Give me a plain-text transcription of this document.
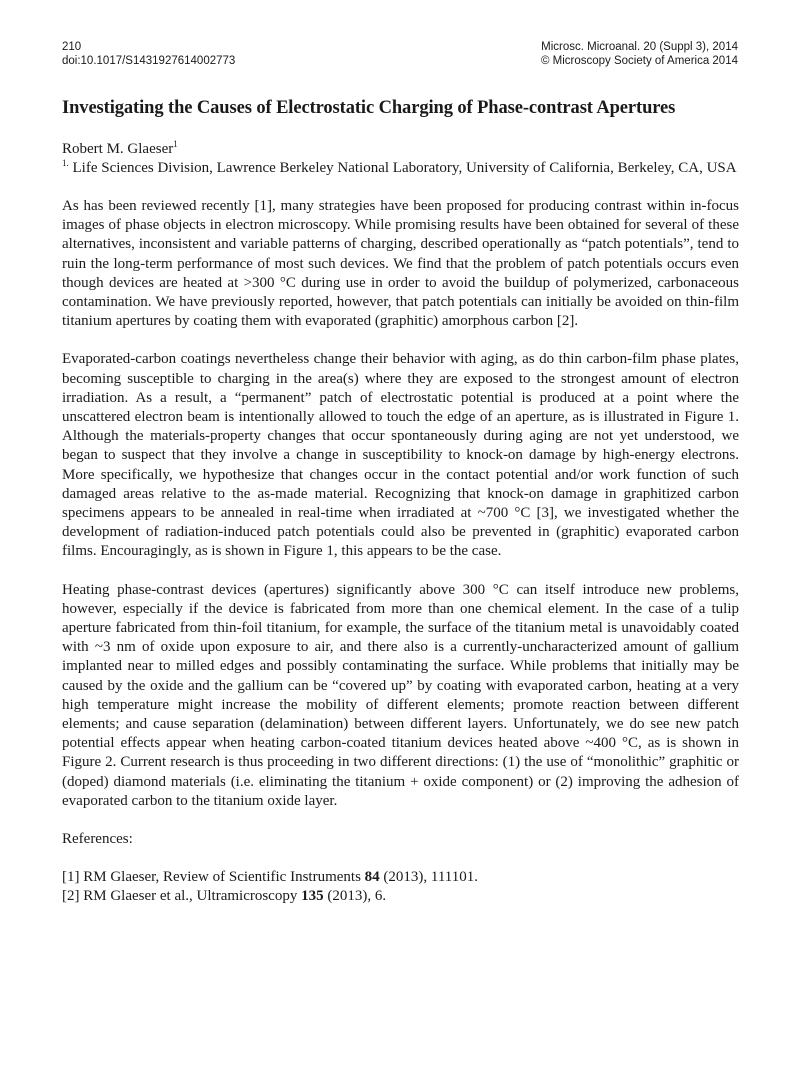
210
doi:10.1017/S1431927614002773
Microsc. Microanal. 20 (Suppl 3), 2014
© Microscopy Society of America 2014
Investigating the Causes of Electrostatic Charging of Phase-contrast Apertures
Robert M. Glaeser$^1$
$^{1.}$ Life Sciences Division, Lawrence Berkeley National Laboratory, University of California, Berkeley, CA, USA

As has been reviewed recently [1], many strategies have been proposed for producing contrast within in-focus images of phase objects in electron microscopy. While promising results have been obtained for several of these alternatives, inconsistent and variable patterns of charging, described operationally as “patch potentials”, tend to ruin the long-term performance of most such devices. We find that the problem of patch potentials occurs even though devices are heated at >300 °C during use in order to avoid the buildup of polymerized, carbonaceous contamination. We have previously reported, however, that patch potentials can initially be avoided on thin-film titanium apertures by coating them with evaporated (graphitic) amorphous carbon [2].

Evaporated-carbon coatings nevertheless change their behavior with aging, as do thin carbon-film phase plates, becoming susceptible to charging in the area(s) where they are exposed to the strongest amount of electron irradiation. As a result, a “permanent” patch of electrostatic potential is produced at a point where the unscattered electron beam is intentionally allowed to touch the edge of an aperture, as is illustrated in Figure 1. Although the materials-property changes that occur spontaneously during aging are not yet understood, we began to suspect that they involve a change in susceptibility to knock-on damage by high-energy electrons. More specifically, we hypothesize that changes occur in the contact potential and/or work function of such damaged areas relative to the as-made material. Recognizing that knock-on damage in graphitized carbon specimens appears to be annealed in real-time when irradiated at ~700 °C [3], we investigated whether the development of radiation-induced patch potentials could also be prevented in (graphitic) evaporated carbon films. Encouragingly, as is shown in Figure 1, this appears to be the case.

Heating phase-contrast devices (apertures) significantly above 300 °C can itself introduce new problems, however, especially if the device is fabricated from more than one chemical element. In the case of a tulip aperture fabricated from thin-foil titanium, for example, the surface of the titanium metal is unavoidably coated with ~3 nm of oxide upon exposure to air, and there also is a currently-uncharacterized amount of gallium implanted near to milled edges and possibly contaminating the surface. While problems that initially may be caused by the oxide and the gallium can be “covered up” by coating with evaporated carbon, heating at a very high temperature might increase the mobility of different elements; promote reaction between different elements; and cause separation (delamination) between different layers. Unfortunately, we do see new patch potential effects appear when heating carbon-coated titanium devices heated above ~400 °C, as is shown in Figure 2. Current research is thus proceeding in two different directions: (1) the use of “monolithic” graphitic or (doped) diamond materials (i.e. eliminating the titanium + oxide component) or (2) improving the adhesion of evaporated carbon to the titanium oxide layer.

References:
[1] RM Glaeser, Review of Scientific Instruments 84 (2013), 111101.
[2] RM Glaeser et al., Ultramicroscopy 135 (2013), 6.
